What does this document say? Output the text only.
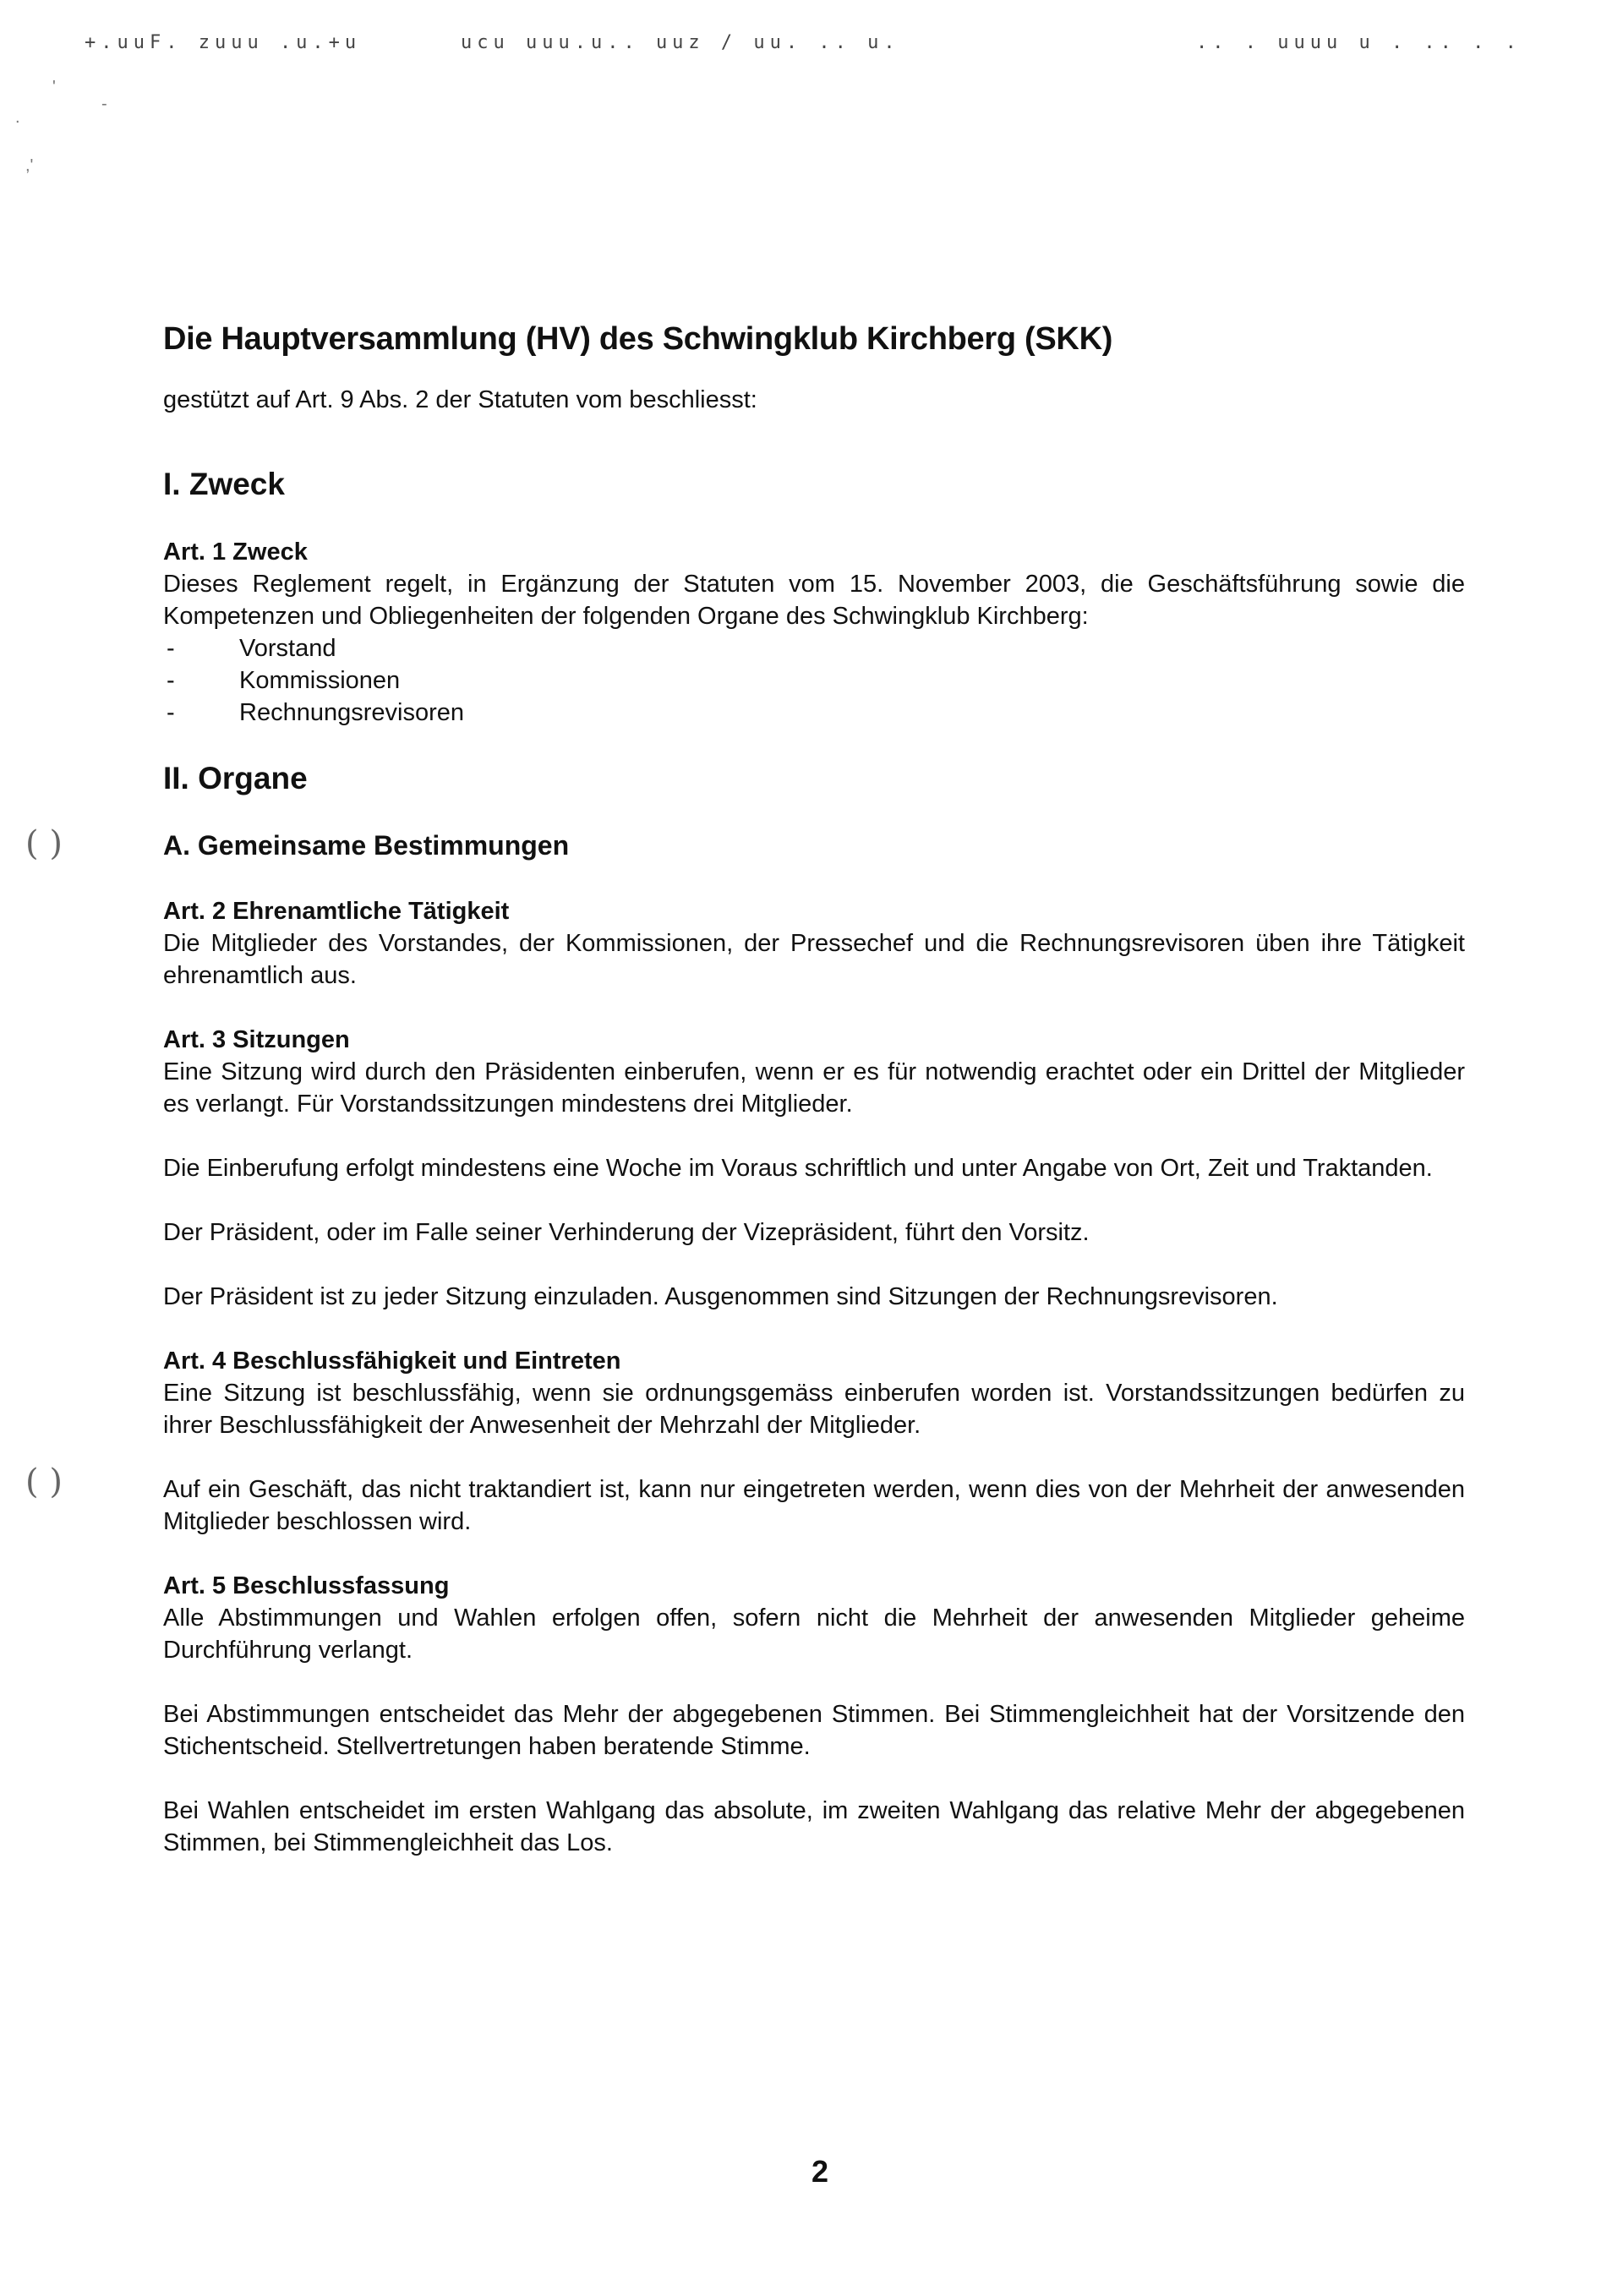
+.uuF. zuuu .u.+u	ucu uuu.u.. uuz / uu. .. u.	.. . uuuu u . .. . .
'
.
-
,'
( )
( )
Die Hauptversammlung (HV) des Schwingklub Kirchberg (SKK)
gestützt auf Art. 9 Abs. 2 der Statuten vom beschliesst:
I. Zweck
Art. 1 Zweck
Dieses Reglement regelt, in Ergänzung der Statuten vom 15. November 2003, die Geschäftsführung sowie die Kompetenzen und Obliegenheiten der folgenden Organe des Schwingklub Kirchberg:
- Vorstand
- Kommissionen
- Rechnungsrevisoren
II. Organe
A. Gemeinsame Bestimmungen
Art. 2 Ehrenamtliche Tätigkeit
Die Mitglieder des Vorstandes, der Kommissionen, der Pressechef und die Rechnungsrevisoren üben ihre Tätigkeit ehrenamtlich aus.
Art. 3 Sitzungen
Eine Sitzung wird durch den Präsidenten einberufen, wenn er es für notwendig erachtet oder ein Drittel der Mitglieder es verlangt. Für Vorstandssitzungen mindestens drei Mitglieder.
Die Einberufung erfolgt mindestens eine Woche im Voraus schriftlich und unter Angabe von Ort, Zeit und Traktanden.
Der Präsident, oder im Falle seiner Verhinderung der Vizepräsident, führt den Vorsitz.
Der Präsident ist zu jeder Sitzung einzuladen. Ausgenommen sind Sitzungen der Rechnungsrevisoren.
Art. 4 Beschlussfähigkeit und Eintreten
Eine Sitzung ist beschlussfähig, wenn sie ordnungsgemäss einberufen worden ist. Vorstandssitzungen bedürfen zu ihrer Beschlussfähigkeit der Anwesenheit der Mehrzahl der Mitglieder.
Auf ein Geschäft, das nicht traktandiert ist, kann nur eingetreten werden, wenn dies von der Mehrheit der anwesenden Mitglieder beschlossen wird.
Art. 5 Beschlussfassung
Alle Abstimmungen und Wahlen erfolgen offen, sofern nicht die Mehrheit der anwesenden Mitglieder geheime Durchführung verlangt.
Bei Abstimmungen entscheidet das Mehr der abgegebenen Stimmen. Bei Stimmengleichheit hat der Vorsitzende den Stichentscheid. Stellvertretungen haben beratende Stimme.
Bei Wahlen entscheidet im ersten Wahlgang das absolute, im zweiten Wahlgang das relative Mehr der abgegebenen Stimmen, bei Stimmengleichheit das Los.
2
